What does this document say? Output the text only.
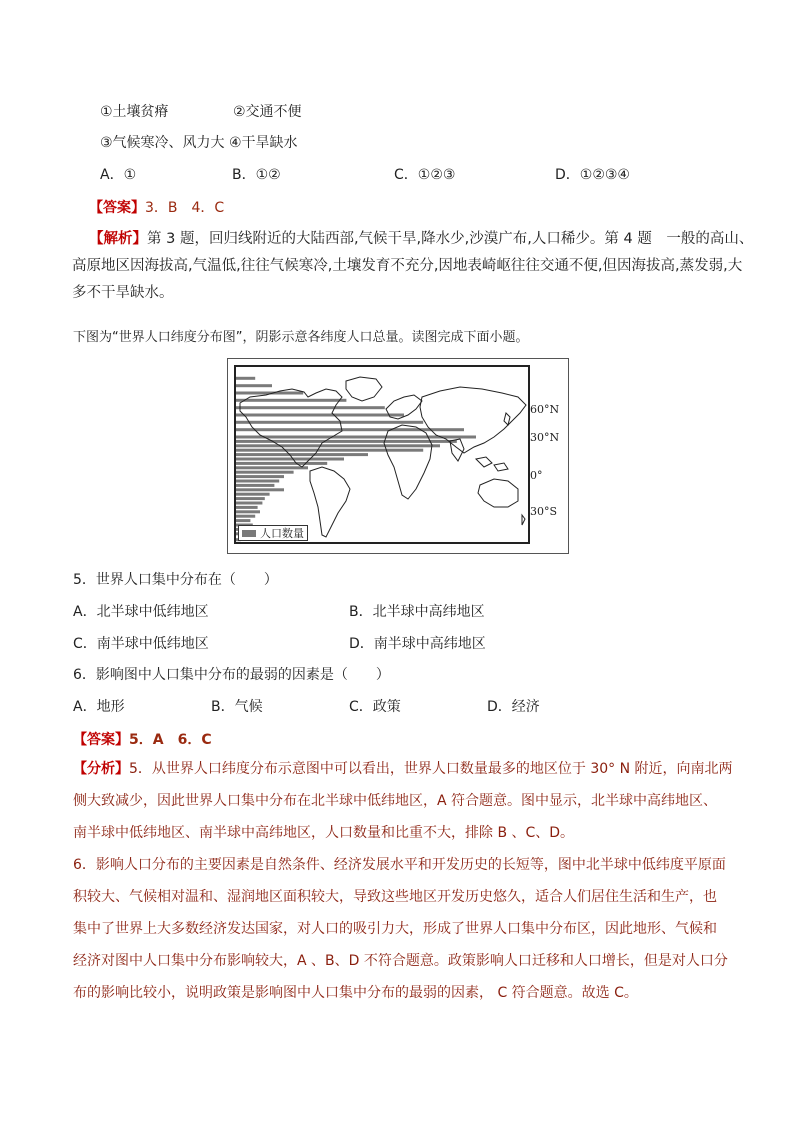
①土壤贫瘠	②交通不便
③气候寒冷、风力大 ④干旱缺水
A．①	B．①②	C．①②③	D．①②③④
【答案】3．B　4．C
【解析】第 3 题，回归线附近的大陆西部,气候干旱,降水少,沙漠广布,人口稀少。第 4 题　一般的高山、
高原地区因海拔高,气温低,往往气候寒冷,土壤发育不充分,因地表崎岖往往交通不便,但因海拔高,蒸发弱,大
多不干旱缺水。
下图为“世界人口纬度分布图”，阴影示意各纬度人口总量。读图完成下面小题。
人口数量
60°N
30°N
0°
30°S
5．世界人口集中分布在（　　）
A．北半球中低纬地区	B．北半球中高纬地区
C．南半球中低纬地区	D．南半球中高纬地区
6．影响图中人口集中分布的最弱的因素是（　　）
A．地形	B．气候	C．政策	D．经济
【答案】5．A　6．C
【分析】5．从世界人口纬度分布示意图中可以看出，世界人口数量最多的地区位于 30° N 附近，向南北两
侧大致减少，因此世界人口集中分布在北半球中低纬地区，A 符合题意。图中显示，北半球中高纬地区、
南半球中低纬地区、南半球中高纬地区，人口数量和比重不大，排除 B 、C、D。
6．影响人口分布的主要因素是自然条件、经济发展水平和开发历史的长短等，图中北半球中低纬度平原面
积较大、气候相对温和、湿润地区面积较大，导致这些地区开发历史悠久，适合人们居住生活和生产，也
集中了世界上大多数经济发达国家，对人口的吸引力大，形成了世界人口集中分布区，因此地形、气候和
经济对图中人口集中分布影响较大，A 、B、D 不符合题意。政策影响人口迁移和人口增长，但是对人口分
布的影响比较小，说明政策是影响图中人口集中分布的最弱的因素， C 符合题意。故选 C。
